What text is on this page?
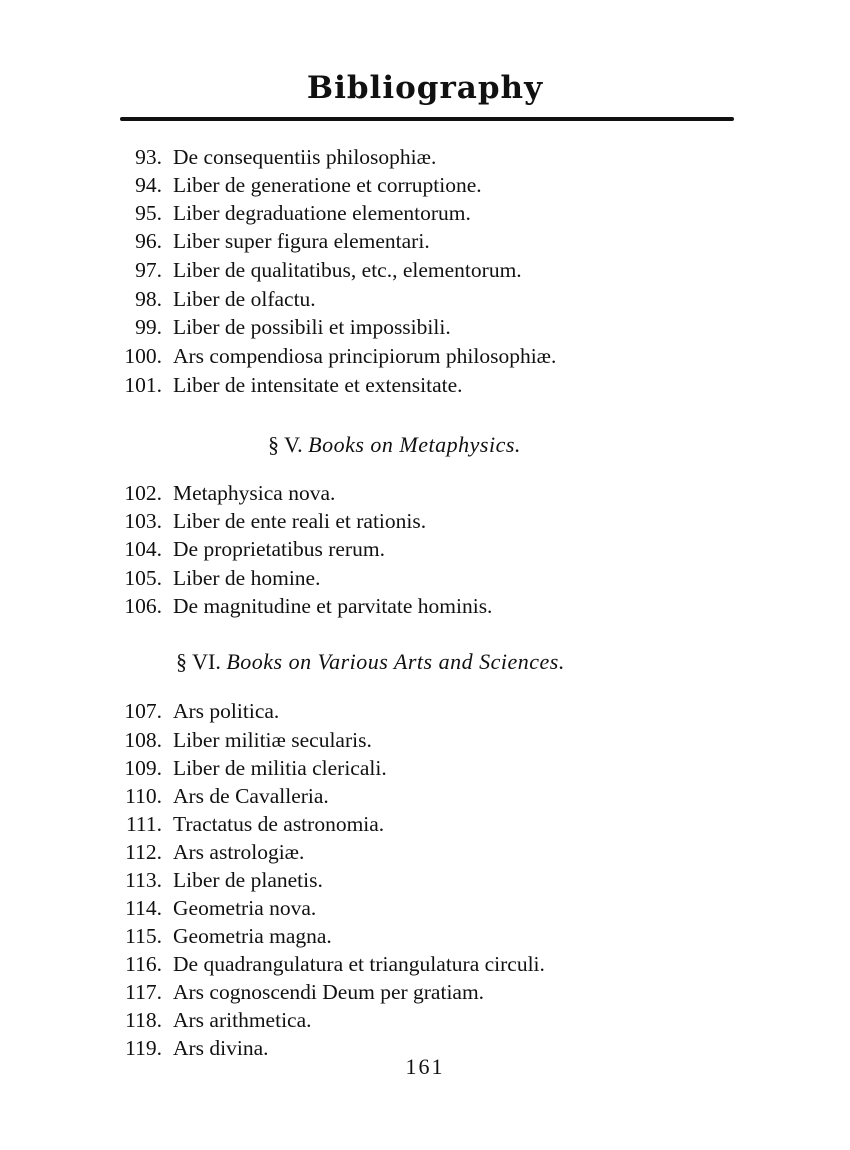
Bibliography
93. De consequentiis philosophiæ.
94. Liber de generatione et corruptione.
95. Liber degraduatione elementorum.
96. Liber super figura elementari.
97. Liber de qualitatibus, etc., elementorum.
98. Liber de olfactu.
99. Liber de possibili et impossibili.
100. Ars compendiosa principiorum philosophiæ.
101. Liber de intensitate et extensitate.
§ V. Books on Metaphysics.
102. Metaphysica nova.
103. Liber de ente reali et rationis.
104. De proprietatibus rerum.
105. Liber de homine.
106. De magnitudine et parvitate hominis.
§ VI. Books on Various Arts and Sciences.
107. Ars politica.
108. Liber militiæ secularis.
109. Liber de militia clericali.
110. Ars de Cavalleria.
111. Tractatus de astronomia.
112. Ars astrologiæ.
113. Liber de planetis.
114. Geometria nova.
115. Geometria magna.
116. De quadrangulatura et triangulatura circuli.
117. Ars cognoscendi Deum per gratiam.
118. Ars arithmetica.
119. Ars divina.
161
